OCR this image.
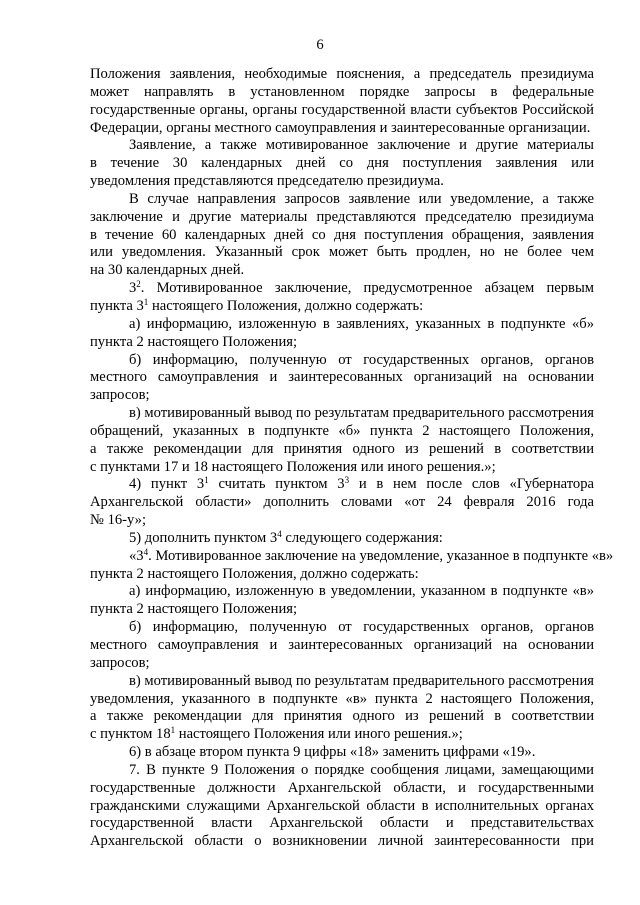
6
Положения заявления, необходимые пояснения, а председатель президиума
может направлять в установленном порядке запросы в федеральные
государственные органы, органы государственной власти субъектов Российской
Федерации, органы местного самоуправления и заинтересованные организации.
Заявление, а также мотивированное заключение и другие материалы
в течение 30 календарных дней со дня поступления заявления или
уведомления представляются председателю президиума.
В случае направления запросов заявление или уведомление, а также
заключение и другие материалы представляются председателю президиума
в течение 60 календарных дней со дня поступления обращения, заявления
или уведомления. Указанный срок может быть продлен, но не более чем
на 30 календарных дней.
$3^2$. Мотивированное заключение, предусмотренное абзацем первым
пункта $3^1$ настоящего Положения, должно содержать:
а) информацию, изложенную в заявлениях, указанных в подпункте «б»
пункта 2 настоящего Положения;
б) информацию, полученную от государственных органов, органов
местного самоуправления и заинтересованных организаций на основании
запросов;
в) мотивированный вывод по результатам предварительного рассмотрения
обращений, указанных в подпункте «б» пункта 2 настоящего Положения,
а также рекомендации для принятия одного из решений в соответствии
с пунктами 17 и 18 настоящего Положения или иного решения.»;
4) пункт $3^1$ считать пунктом $3^3$ и в нем после слов «Губернатора
Архангельской области» дополнить словами «от 24 февраля 2016 года
№ 16-у»;
5) дополнить пунктом $3^4$ следующего содержания:
«$3^4$. Мотивированное заключение на уведомление, указанное в подпункте «в»
пункта 2 настоящего Положения, должно содержать:
а) информацию, изложенную в уведомлении, указанном в подпункте «в»
пункта 2 настоящего Положения;
б) информацию, полученную от государственных органов, органов
местного самоуправления и заинтересованных организаций на основании
запросов;
в) мотивированный вывод по результатам предварительного рассмотрения
уведомления, указанного в подпункте «в» пункта 2 настоящего Положения,
а также рекомендации для принятия одного из решений в соответствии
с пунктом $18^1$ настоящего Положения или иного решения.»;
6) в абзаце втором пункта 9 цифры «18» заменить цифрами «19».
7. В пункте 9 Положения о порядке сообщения лицами, замещающими
государственные должности Архангельской области, и государственными
гражданскими служащими Архангельской области в исполнительных органах
государственной власти Архангельской области и представительствах
Архангельской области о возникновении личной заинтересованности при
